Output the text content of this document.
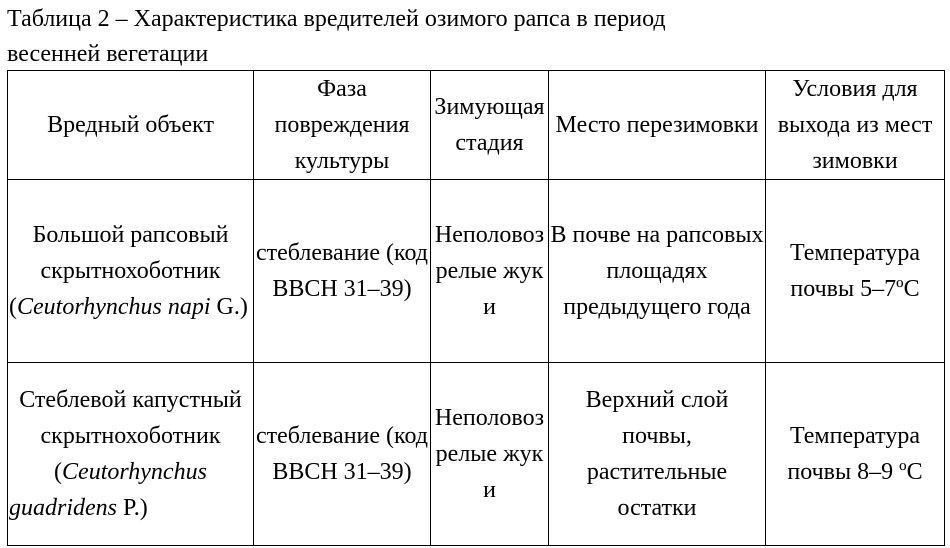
Таблица 2 – Характеристика вредителей озимого рапса в период
весенней вегетации
Вредный объект	Фаза повреждения культуры	Зимующая стадия	Место перезимовки	Условия для выхода из мест зимовки
Большой рапсовый скрытнохоботник (Ceutorhynchus napi G.)	стеблевание (код ВВСН 31–39)	Неполовозрелые жуки	В почве на рапсовых площадях предыдущего года	Температура почвы 5–7ºС
Стеблевой капустный скрытнохоботник (Ceutorhynchus guadridens P.)	стеблевание (код ВВСН 31–39)	Неполовозрелые жуки	Верхний слой почвы, растительные остатки	Температура почвы 8–9 ºС
